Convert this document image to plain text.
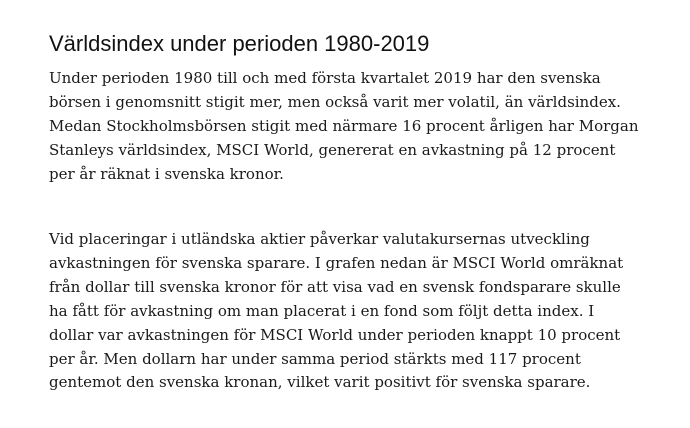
Världsindex under perioden 1980-2019

Under perioden 1980 till och med första kvartalet 2019 har den svenska
börsen i genomsnitt stigit mer, men också varit mer volatil, än världsindex.
Medan Stockholmsbörsen stigit med närmare 16 procent årligen har Morgan
Stanleys världsindex, MSCI World, genererat en avkastning på 12 procent
per år räknat i svenska kronor.

Vid placeringar i utländska aktier påverkar valutakursernas utveckling
avkastningen för svenska sparare. I grafen nedan är MSCI World omräknat
från dollar till svenska kronor för att visa vad en svensk fondsparare skulle
ha fått för avkastning om man placerat i en fond som följt detta index. I
dollar var avkastningen för MSCI World under perioden knappt 10 procent
per år. Men dollarn har under samma period stärkts med 117 procent
gentemot den svenska kronan, vilket varit positivt för svenska sparare.
